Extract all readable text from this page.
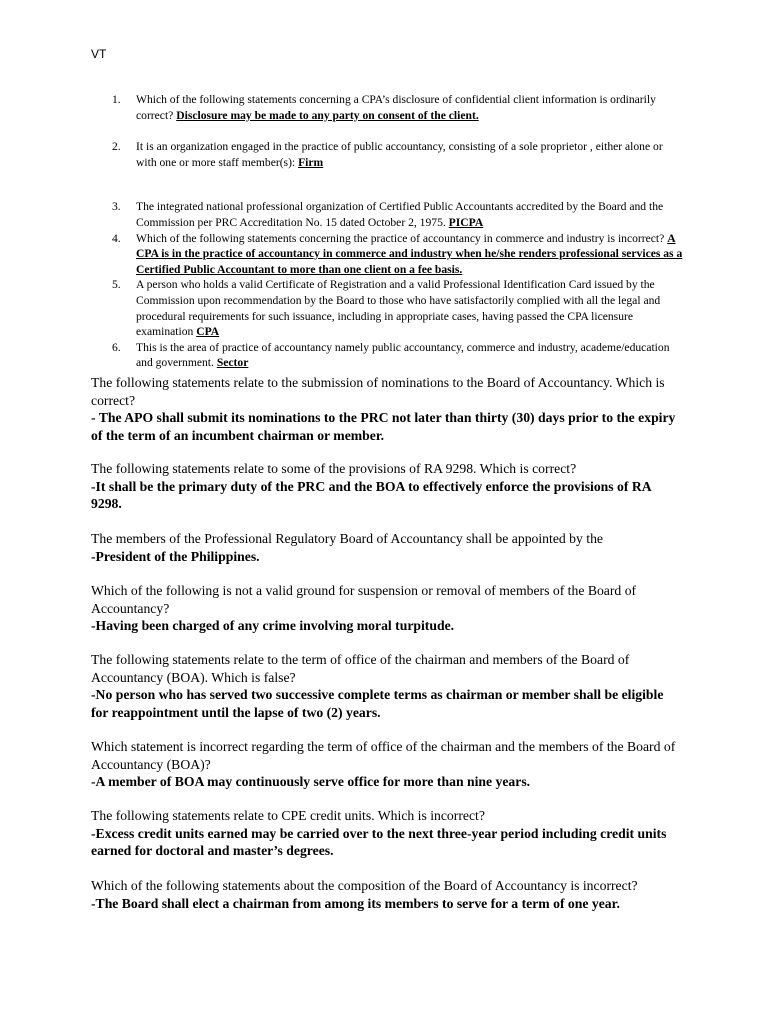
VT
1.	Which of the following statements concerning a CPA’s disclosure of confidential client information is ordinarily correct? Disclosure may be made to any party on consent of the client.
2.	It is an organization engaged in the practice of public accountancy, consisting of a sole proprietor , either alone or with one or more staff member(s): Firm
3.	The integrated national professional organization of Certified Public Accountants accredited by the Board and the Commission per PRC Accreditation No. 15 dated October 2, 1975. PICPA
4.	Which of the following statements concerning the practice of accountancy in commerce and industry is incorrect? A CPA is in the practice of accountancy in commerce and industry when he/she renders professional services as a Certified Public Accountant to more than one client on a fee basis.
5.	A person who holds a valid Certificate of Registration and a valid Professional Identification Card issued by the Commission upon recommendation by the Board to those who have satisfactorily complied with all the legal and procedural requirements for such issuance, including in appropriate cases, having passed the CPA licensure examination CPA
6.	This is the area of practice of accountancy namely public accountancy, commerce and industry, academe/education and government. Sector
The following statements relate to the submission of nominations to the Board of Accountancy. Which is correct?
- The APO shall submit its nominations to the PRC not later than thirty (30) days prior to the expiry of the term of an incumbent chairman or member.
The following statements relate to some of the provisions of RA 9298. Which is correct?
-It shall be the primary duty of the PRC and the BOA to effectively enforce the provisions of RA 9298.
The members of the Professional Regulatory Board of Accountancy shall be appointed by the
-President of the Philippines.
Which of the following is not a valid ground for suspension or removal of members of the Board of Accountancy?
-Having been charged of any crime involving moral turpitude.
The following statements relate to the term of office of the chairman and members of the Board of Accountancy (BOA). Which is false?
-No person who has served two successive complete terms as chairman or member shall be eligible for reappointment until the lapse of two (2) years.
Which statement is incorrect regarding the term of office of the chairman and the members of the Board of Accountancy (BOA)?
-A member of BOA may continuously serve office for more than nine years.
The following statements relate to CPE credit units. Which is incorrect?
-Excess credit units earned may be carried over to the next three-year period including credit units earned for doctoral and master’s degrees.
Which of the following statements about the composition of the Board of Accountancy is incorrect?
-The Board shall elect a chairman from among its members to serve for a term of one year.
